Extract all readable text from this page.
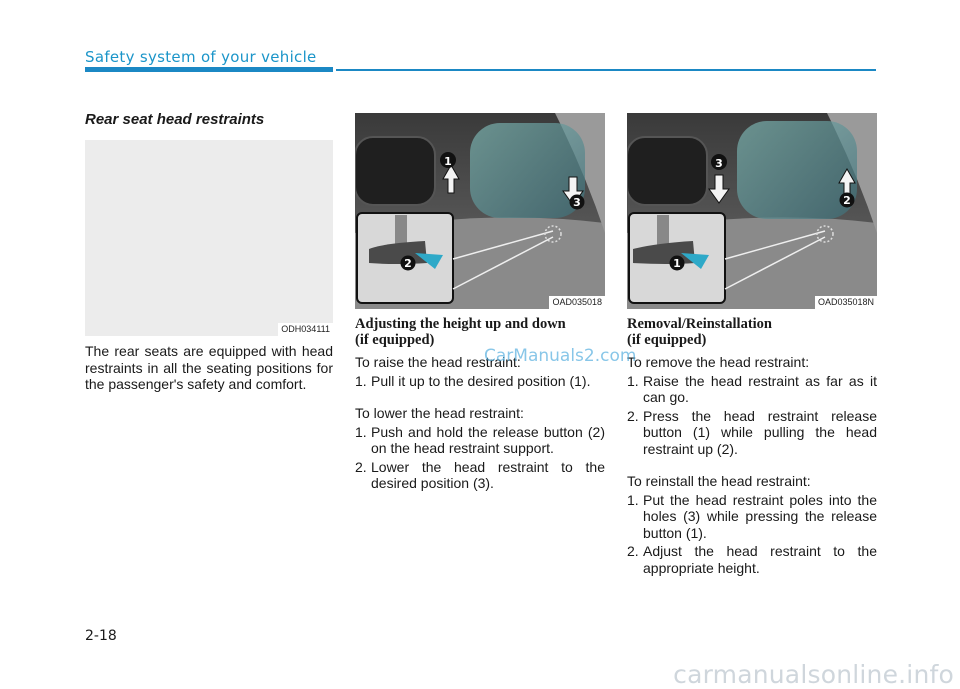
Safety system of your vehicle
Rear seat head restraints
ODH034111

The rear seats are equipped with head restraints in all the seating positions for the passenger's safety and comfort.

1
3
2
OAD035018
3
2
1
OAD035018N
Adjusting the height up and down
(if equipped)

To raise the head restraint:

1. Pull it up to the desired position (1).

To lower the head restraint:

1. Push and hold the release button (2) on the head restraint support.
2. Lower the head restraint to the desired position (3).
Removal/Reinstallation
(if equipped)

To remove the head restraint:

1. Raise the head restraint as far as it can go.
2. Press the head restraint release button (1) while pulling the head restraint up (2).

To reinstall the head restraint:

1. Put the head restraint poles into the holes (3) while pressing the release button (1).
2. Adjust the head restraint to the appropriate height.
CarManuals2.com
2-18
carmanualsonline.info
